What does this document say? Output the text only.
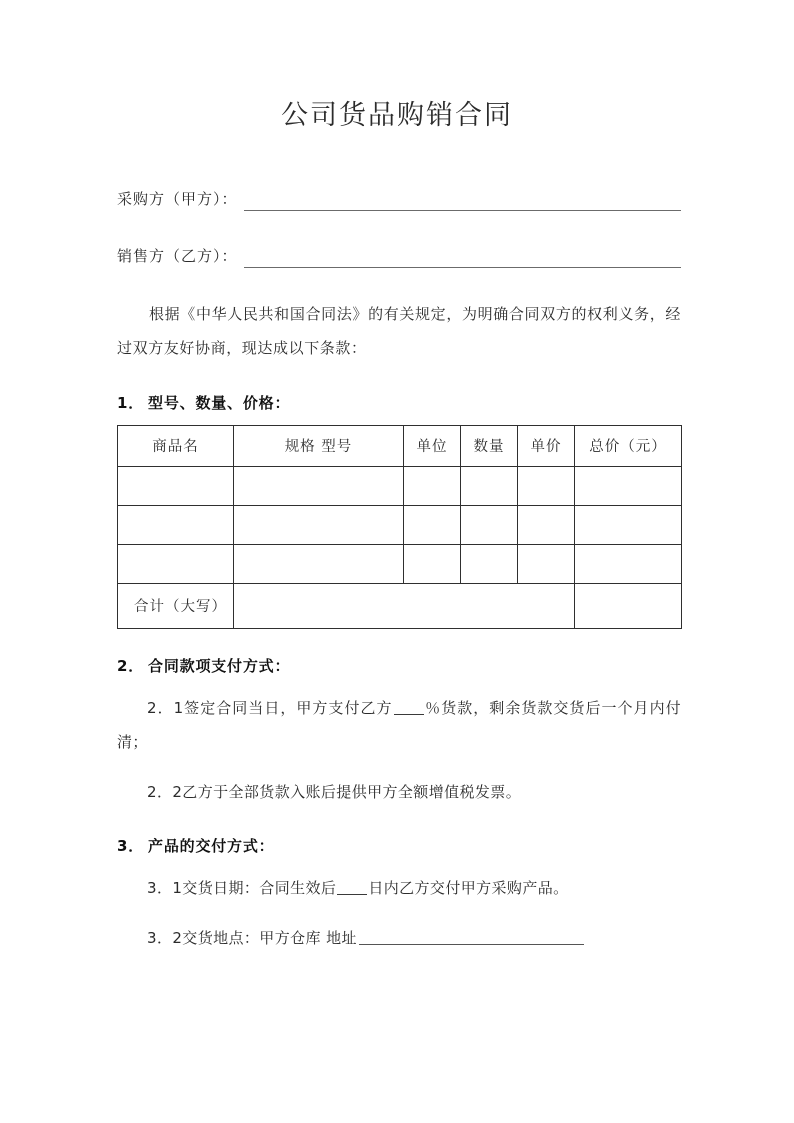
公司货品购销合同
采购方（甲方）：
销售方（乙方）：

根据《中华人民共和国合同法》的有关规定，为明确合同双方的权利义务，经过双方友好协商，现达成以下条款：

1． 型号、数量、价格：
商品名	规格 型号	单位	数量	单价	总价（元）

合计（大写）					
2． 合同款项支付方式：

2．1签定合同当日，甲方支付乙方 ％货款，剩余货款交货后一个月内付清；

2．2乙方于全部货款入账后提供甲方全额增值税发票。

3． 产品的交付方式：

3．1交货日期：合同生效后 日内乙方交付甲方采购产品。

3．2交货地点：甲方仓库 地址
